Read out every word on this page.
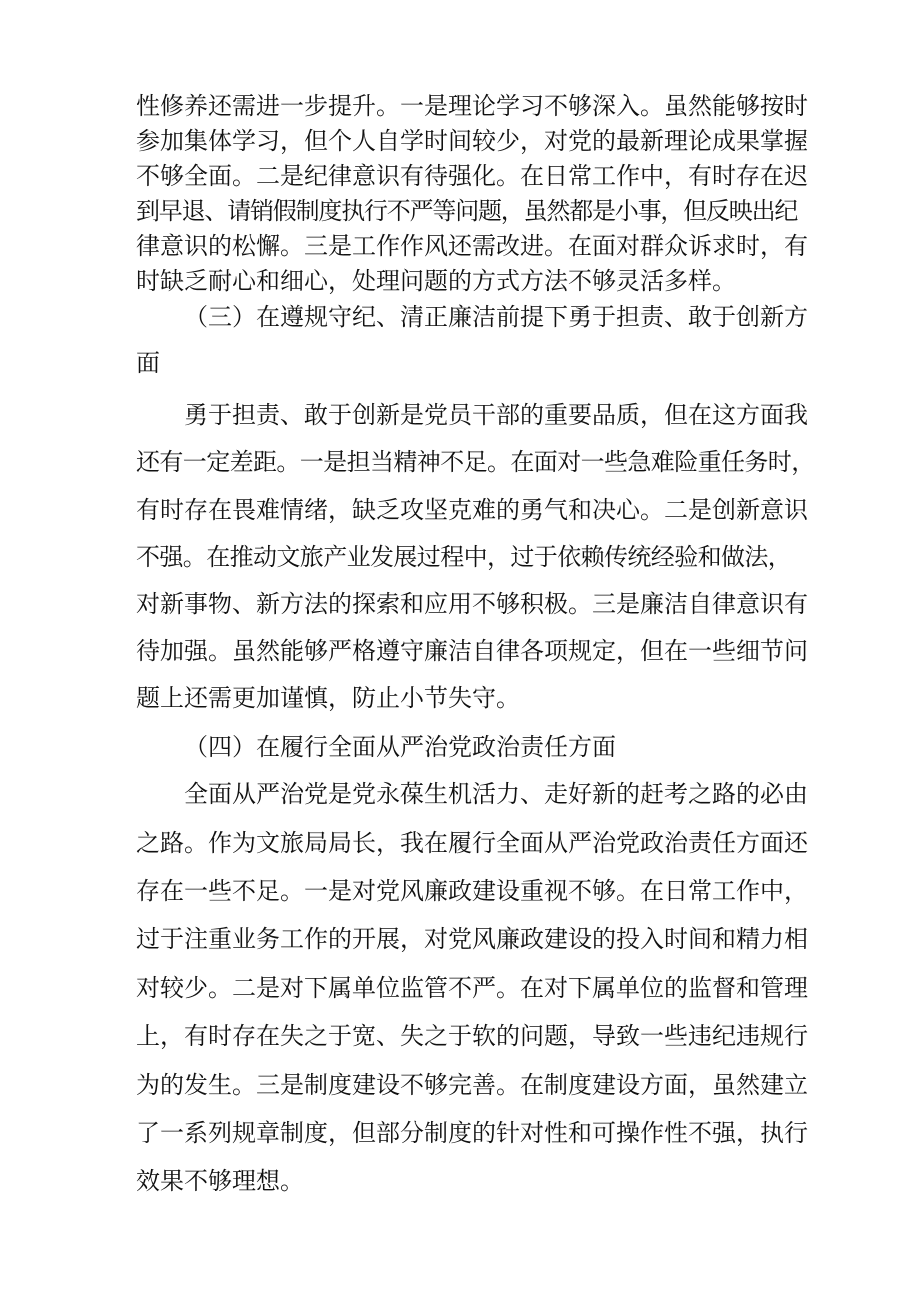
性修养还需进一步提升。一是理论学习不够深入。虽然能够按时

参加集体学习，但个人自学时间较少，对党的最新理论成果掌握

不够全面。二是纪律意识有待强化。在日常工作中，有时存在迟

到早退、请销假制度执行不严等问题，虽然都是小事，但反映出纪

律意识的松懈。三是工作作风还需改进。在面对群众诉求时，有

时缺乏耐心和细心，处理问题的方式方法不够灵活多样。

（三）在遵规守纪、清正廉洁前提下勇于担责、敢于创新方

面

勇于担责、敢于创新是党员干部的重要品质，但在这方面我

还有一定差距。一是担当精神不足。在面对一些急难险重任务时，

有时存在畏难情绪，缺乏攻坚克难的勇气和决心。二是创新意识

不强。在推动文旅产业发展过程中，过于依赖传统经验和做法，

对新事物、新方法的探索和应用不够积极。三是廉洁自律意识有

待加强。虽然能够严格遵守廉洁自律各项规定，但在一些细节问

题上还需更加谨慎，防止小节失守。

（四）在履行全面从严治党政治责任方面

全面从严治党是党永葆生机活力、走好新的赶考之路的必由

之路。作为文旅局局长，我在履行全面从严治党政治责任方面还

存在一些不足。一是对党风廉政建设重视不够。在日常工作中，

过于注重业务工作的开展，对党风廉政建设的投入时间和精力相

对较少。二是对下属单位监管不严。在对下属单位的监督和管理

上，有时存在失之于宽、失之于软的问题，导致一些违纪违规行

为的发生。三是制度建设不够完善。在制度建设方面，虽然建立

了一系列规章制度，但部分制度的针对性和可操作性不强，执行

效果不够理想。
